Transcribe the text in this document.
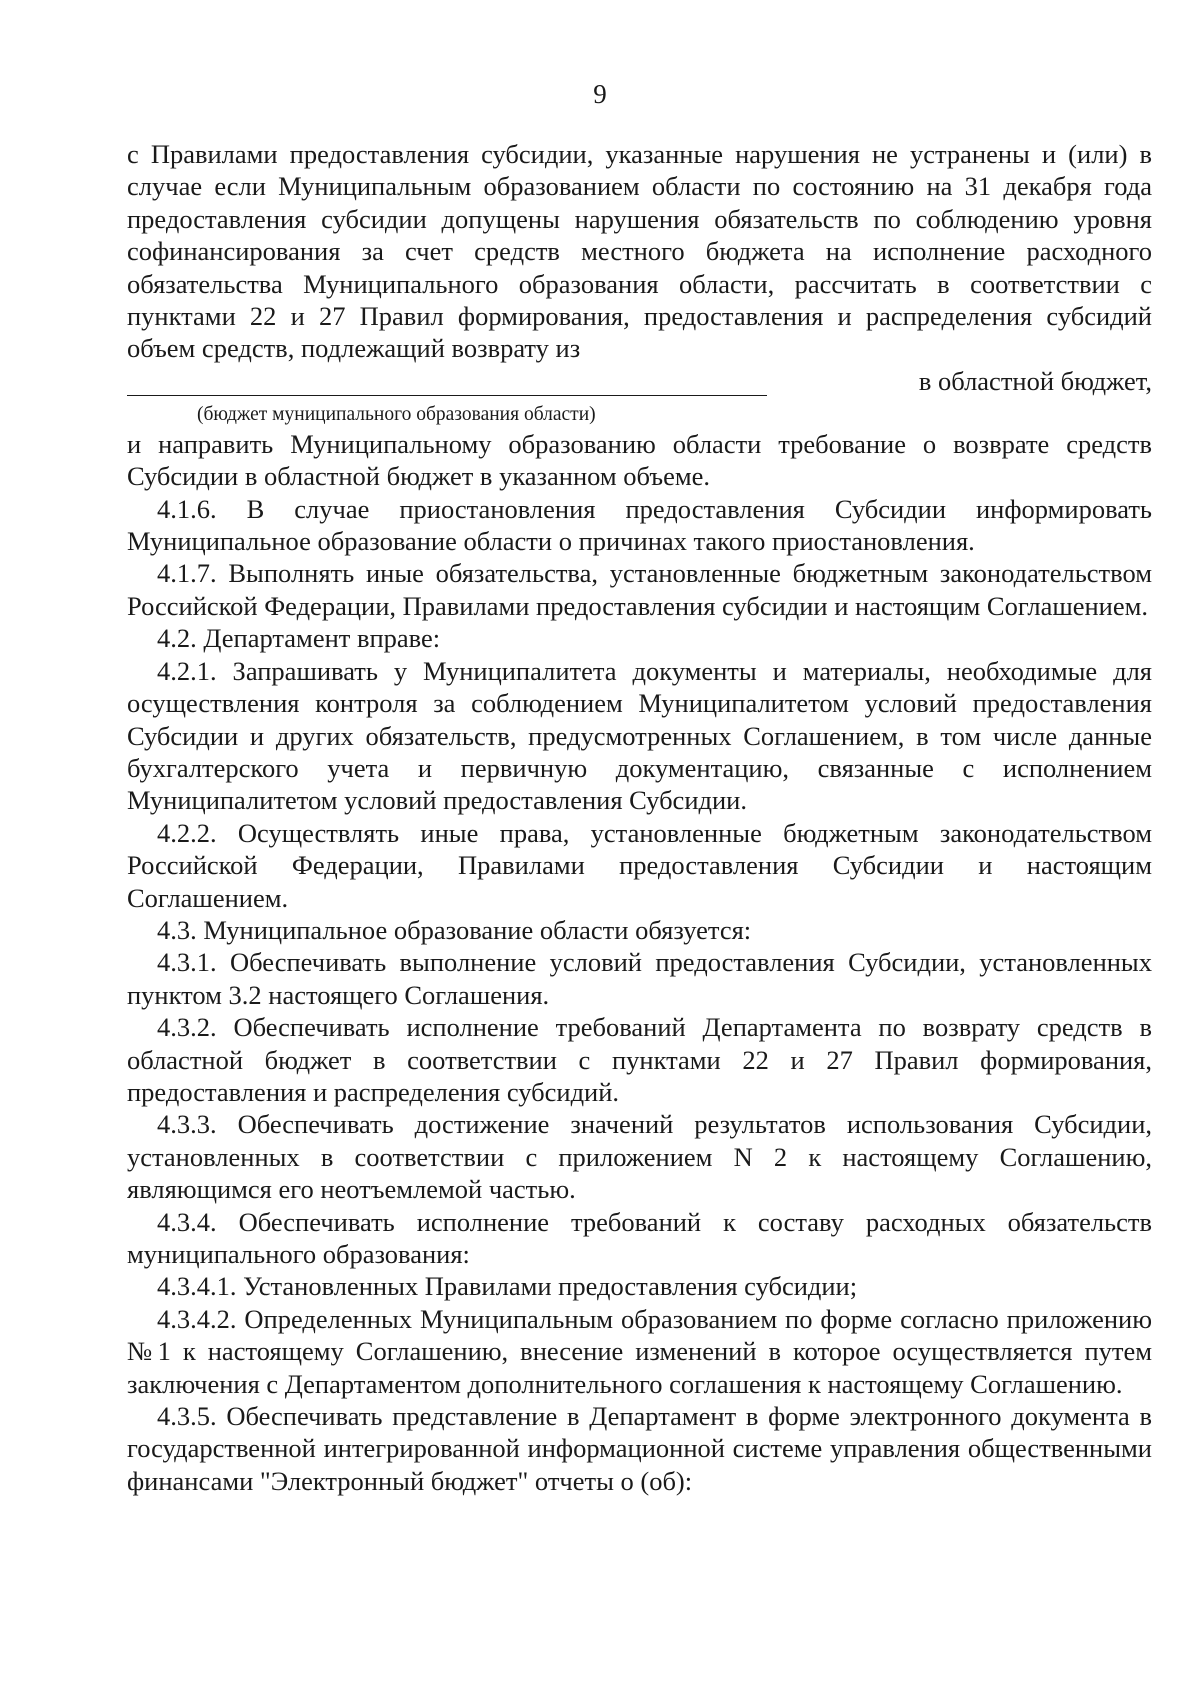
9

с Правилами предоставления субсидии, указанные нарушения не устранены и (или) в случае если Муниципальным образованием области по состоянию на 31 декабря года предоставления субсидии допущены нарушения обязательств по соблюдению уровня софинансирования за счет средств местного бюджета на исполнение расходного обязательства Муниципального образования области, рассчитать в соответствии с пунктами 22 и 27 Правил формирования, предоставления и распределения субсидий объем средств, подлежащий возврату из

в областной бюджет,
(бюджет муниципального образования области)

и направить Муниципальному образованию области требование о возврате средств Субсидии в областной бюджет в указанном объеме.

4.1.6. В случае приостановления предоставления Субсидии информировать Муниципальное образование области о причинах такого приостановления.

4.1.7. Выполнять иные обязательства, установленные бюджетным законодательством Российской Федерации, Правилами предоставления субсидии и настоящим Соглашением.

4.2. Департамент вправе:

4.2.1. Запрашивать у Муниципалитета документы и материалы, необходимые для осуществления контроля за соблюдением Муниципалитетом условий предоставления Субсидии и других обязательств, предусмотренных Соглашением, в том числе данные бухгалтерского учета и первичную документацию, связанные с исполнением Муниципалитетом условий предоставления Субсидии.

4.2.2. Осуществлять иные права, установленные бюджетным законодательством Российской Федерации, Правилами предоставления Субсидии и настоящим Соглашением.

4.3. Муниципальное образование области обязуется:

4.3.1. Обеспечивать выполнение условий предоставления Субсидии, установленных пунктом 3.2 настоящего Соглашения.

4.3.2. Обеспечивать исполнение требований Департамента по возврату средств в областной бюджет в соответствии с пунктами 22 и 27 Правил формирования, предоставления и распределения субсидий.

4.3.3. Обеспечивать достижение значений результатов использования Субсидии, установленных в соответствии с приложением N 2 к настоящему Соглашению, являющимся его неотъемлемой частью.

4.3.4. Обеспечивать исполнение требований к составу расходных обязательств муниципального образования:

4.3.4.1. Установленных Правилами предоставления субсидии;

4.3.4.2. Определенных Муниципальным образованием по форме согласно приложению №1 к настоящему Соглашению, внесение изменений в которое осуществляется путем заключения с Департаментом дополнительного соглашения к настоящему Соглашению.

4.3.5. Обеспечивать представление в Департамент в форме электронного документа в государственной интегрированной информационной системе управления общественными финансами "Электронный бюджет" отчеты о (об):
